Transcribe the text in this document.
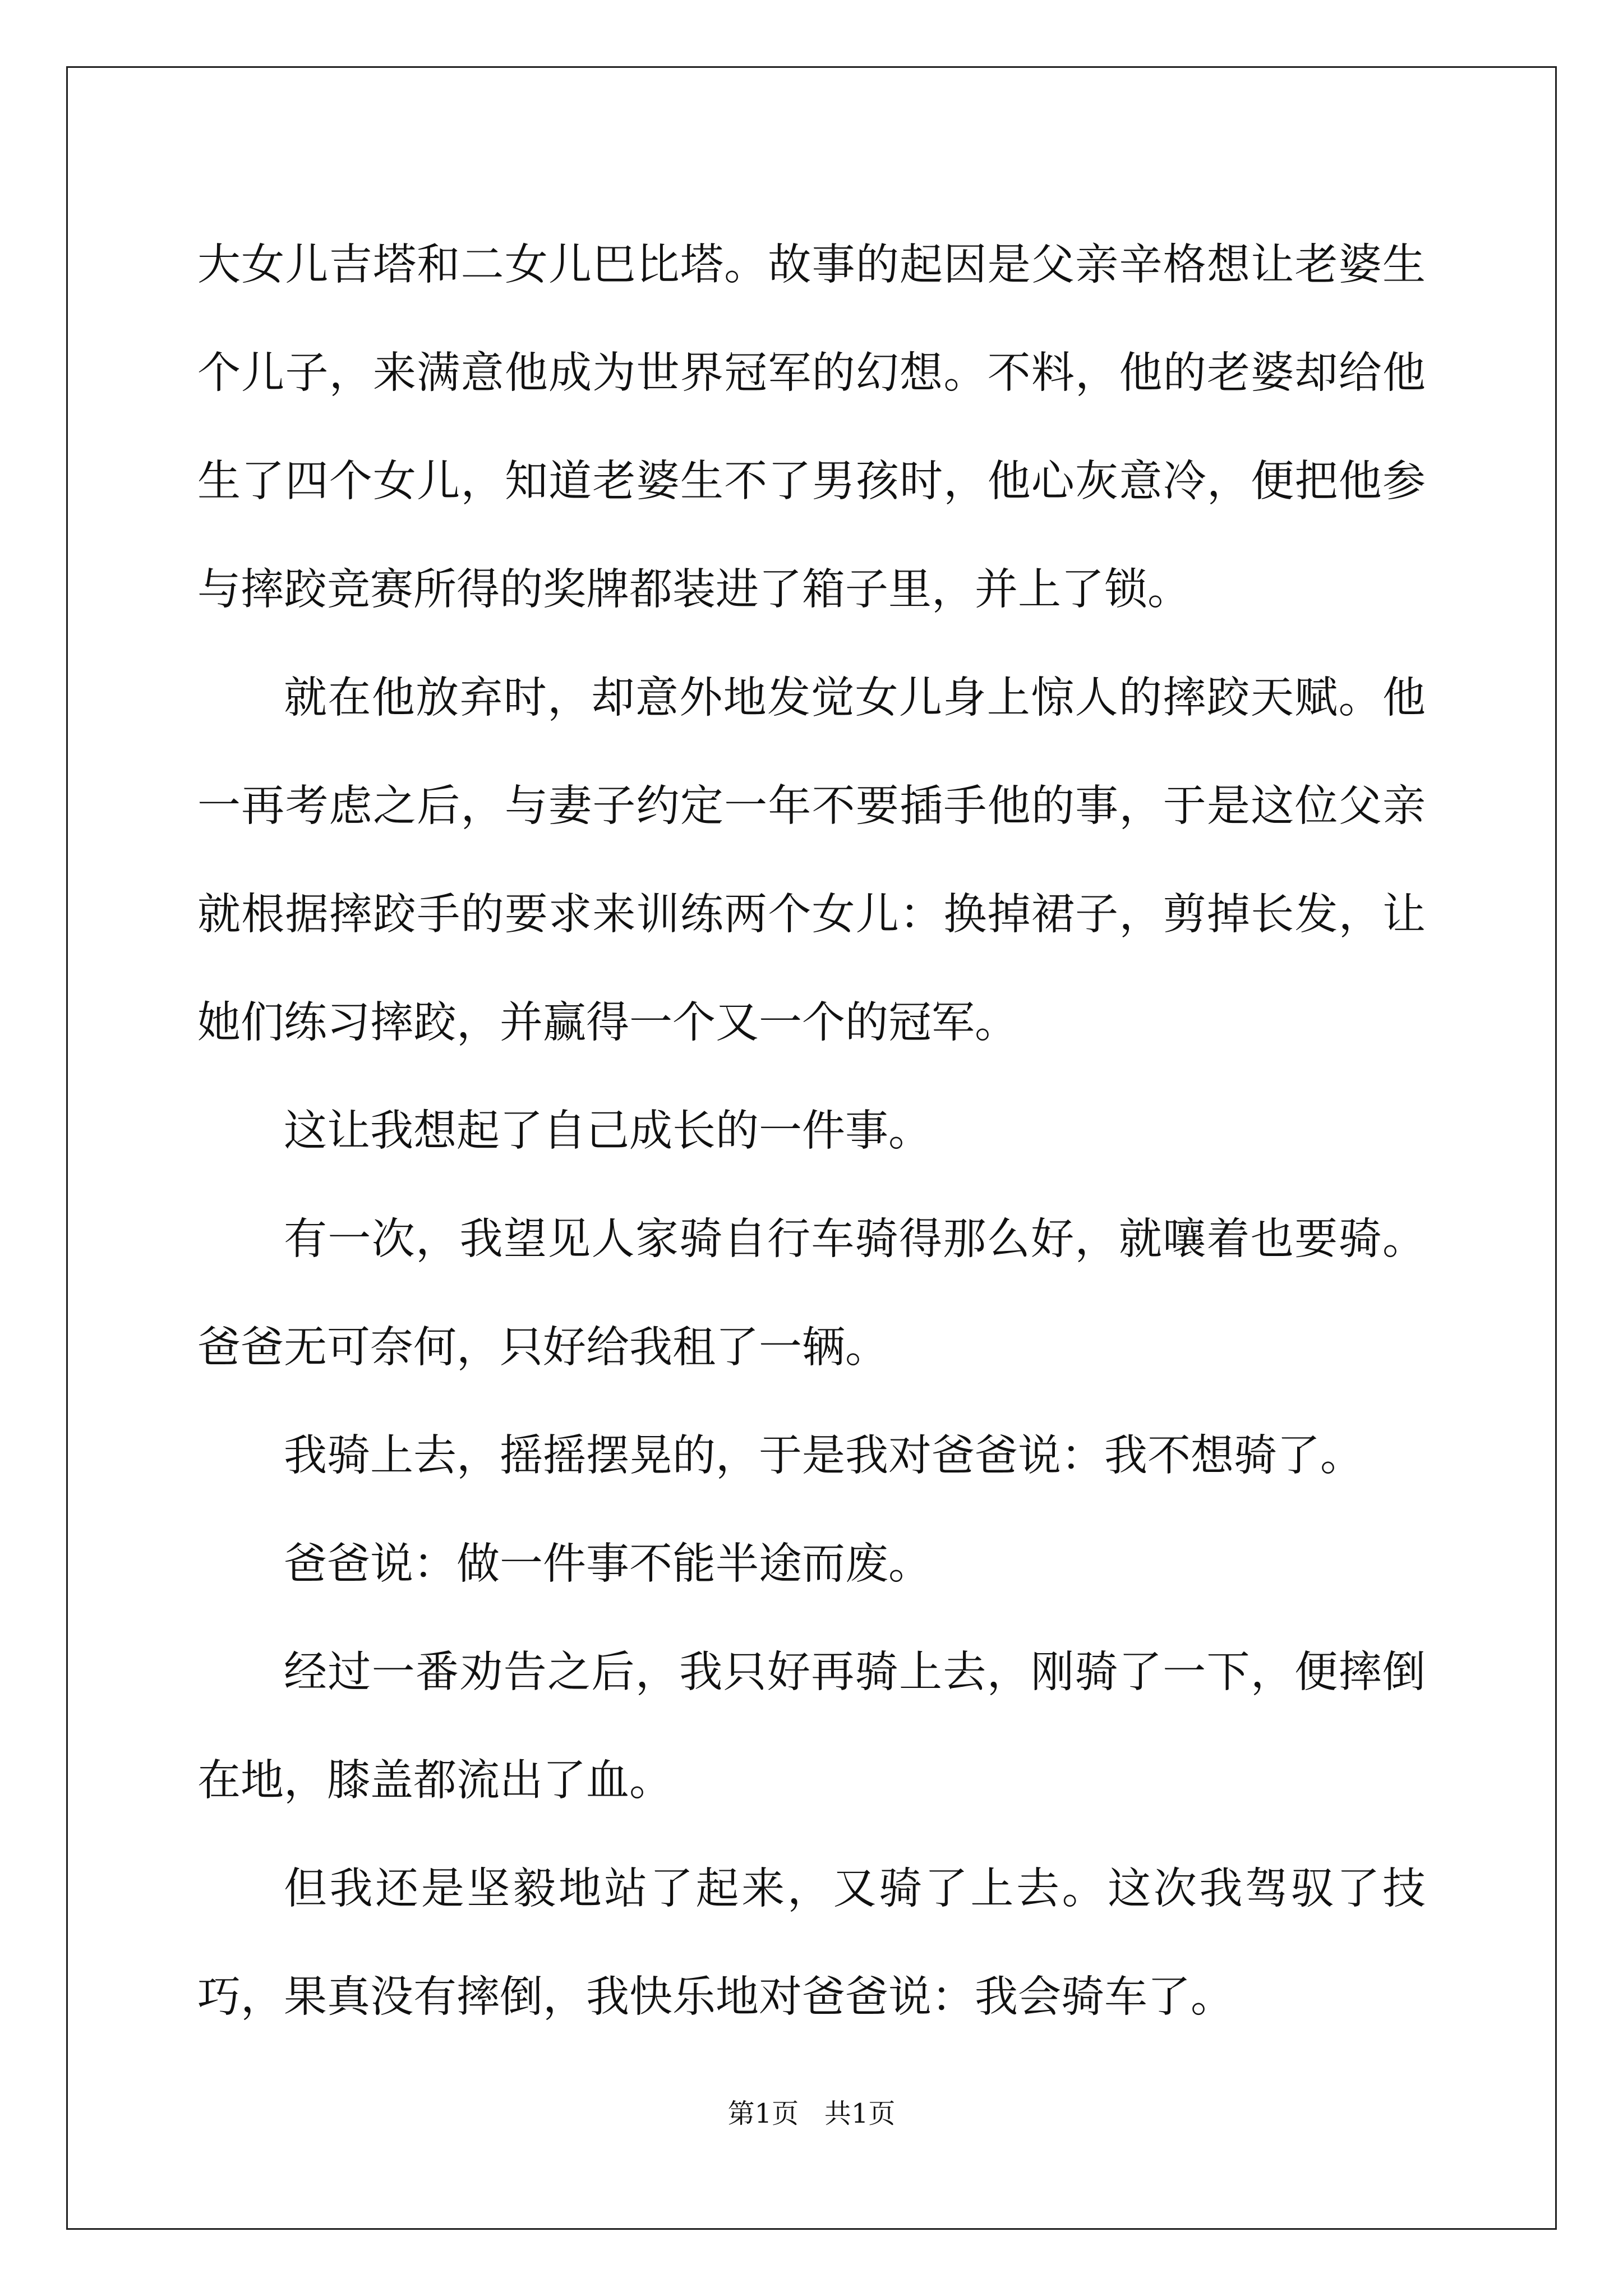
大女儿吉塔和二女儿巴比塔。故事的起因是父亲辛格想让老婆生个儿子，来满意他成为世界冠军的幻想。不料，他的老婆却给他生了四个女儿，知道老婆生不了男孩时，他心灰意冷，便把他参与摔跤竞赛所得的奖牌都装进了箱子里，并上了锁。

就在他放弃时，却意外地发觉女儿身上惊人的摔跤天赋。他一再考虑之后，与妻子约定一年不要插手他的事，于是这位父亲就根据摔跤手的要求来训练两个女儿：换掉裙子，剪掉长发，让她们练习摔跤，并赢得一个又一个的冠军。

这让我想起了自己成长的一件事。

有一次，我望见人家骑自行车骑得那么好，就嚷着也要骑。爸爸无可奈何，只好给我租了一辆。

我骑上去，摇摇摆晃的，于是我对爸爸说：我不想骑了。

爸爸说：做一件事不能半途而废。

经过一番劝告之后，我只好再骑上去，刚骑了一下，便摔倒在地，膝盖都流出了血。

但我还是坚毅地站了起来，又骑了上去。这次我驾驭了技巧，果真没有摔倒，我快乐地对爸爸说：我会骑车了。

第1页 共1页
